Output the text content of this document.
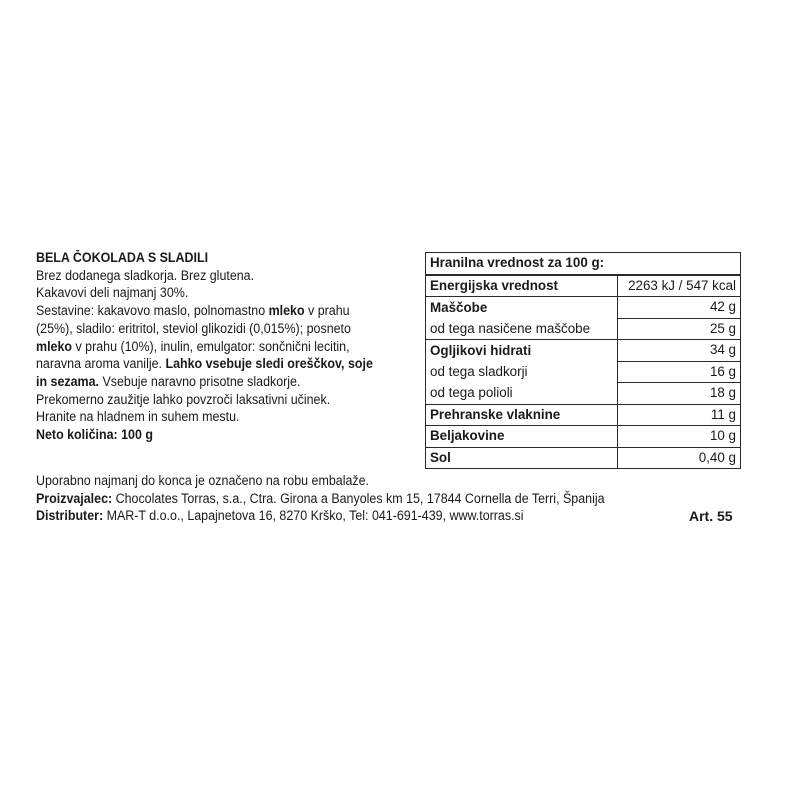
BELA ČOKOLADA S SLADILI
Brez dodanega sladkorja. Brez glutena.
Kakavovi deli najmanj 30%.
Sestavine: kakavovo maslo, polnomastno mleko v prahu
(25%), sladilo: eritritol, steviol glikozidi (0,015%); posneto
mleko v prahu (10%), inulin, emulgator: sončnični lecitin,
naravna aroma vanilje. Lahko vsebuje sledi oreščkov, soje
in sezama. Vsebuje naravno prisotne sladkorje.
Prekomerno zaužitje lahko povzroči laksativni učinek.
Hranite na hladnem in suhem mestu.
Neto količina: 100 g
Hranilna vrednost za 100 g:	
Energijska vrednost	2263 kJ / 547 kcal
Maščobe	42 g
od tega nasičene maščobe	25 g
Ogljikovi hidrati	34 g
od tega sladkorji	16 g
od tega polioli	18 g
Prehranske vlaknine	11 g
Beljakovine	10 g
Sol	0,40 g
Uporabno najmanj do konca je označeno na robu embalaže.
Proizvajalec: Chocolates Torras, s.a., Ctra. Girona a Banyoles km 15, 17844 Cornella de Terri, Španija
Distributer: MAR-T d.o.o., Lapajnetova 16, 8270 Krško, Tel: 041-691-439, www.torras.si	Art. 55
